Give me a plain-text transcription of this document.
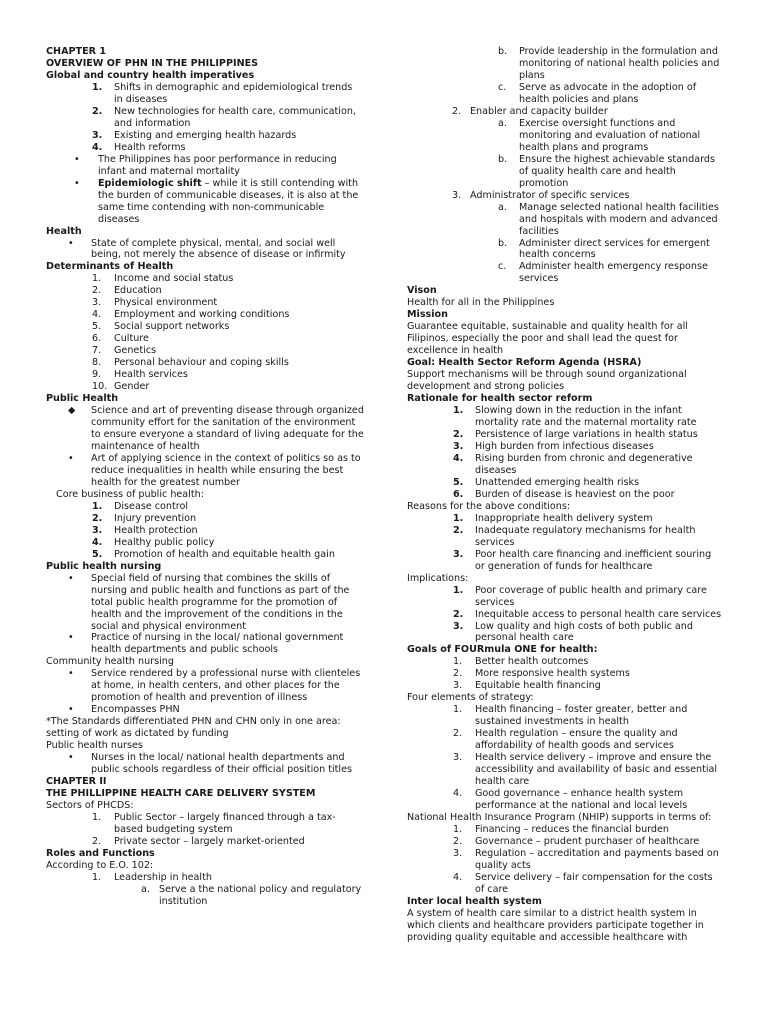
CHAPTER 1
OVERVIEW OF PHN IN THE PHILIPPINES
Global and country health imperatives
1. Shifts in demographic and epidemiological trends in diseases
2. New technologies for health care, communication, and information
3. Existing and emerging health hazards
4. Health reforms
• The Philippines has poor performance in reducing infant and maternal mortality
• Epidemiologic shift – while it is still contending with the burden of communicable diseases, it is also at the same time contending with non-communicable diseases
Health
• State of complete physical, mental, and social well being, not merely the absence of disease or infirmity
Determinants of Health
1. Income and social status
2. Education
3. Physical environment
4. Employment and working conditions
5. Social support networks
6. Culture
7. Genetics
8. Personal behaviour and coping skills
9. Health services
10. Gender
Public Health
◆ Science and art of preventing disease through organized community effort for the sanitation of the environment to ensure everyone a standard of living adequate for the maintenance of health
• Art of applying science in the context of politics so as to reduce inequalities in health while ensuring the best health for the greatest number
Core business of public health:
1. Disease control
2. Injury prevention
3. Health protection
4. Healthy public policy
5. Promotion of health and equitable health gain
Public health nursing
• Special field of nursing that combines the skills of nursing and public health and functions as part of the total public health programme for the promotion of health and the improvement of the conditions in the social and physical environment
• Practice of nursing in the local/ national government health departments and public schools
Community health nursing
• Service rendered by a professional nurse with clienteles at home, in health centers, and other places for the promotion of health and prevention of illness
• Encompasses PHN
*The Standards differentiated PHN and CHN only in one area: setting of work as dictated by funding
Public health nurses
• Nurses in the local/ national health departments and public schools regardless of their official position titles
CHAPTER II
THE PHILLIPPINE HEALTH CARE DELIVERY SYSTEM
Sectors of PHCDS:
1. Public Sector – largely financed through a tax-based budgeting system
2. Private sector – largely market-oriented
Roles and Functions
According to E.O. 102:
1. Leadership in health
a. Serve a the national policy and regulatory institution
b. Provide leadership in the formulation and monitoring of national health policies and plans
c. Serve as advocate in the adoption of health policies and plans
2. Enabler and capacity builder
a. Exercise oversight functions and monitoring and evaluation of national health plans and programs
b. Ensure the highest achievable standards of quality health care and health promotion
3. Administrator of specific services
a. Manage selected national health facilities and hospitals with modern and advanced facilities
b. Administer direct services for emergent health concerns
c. Administer health emergency response services
Vison
Health for all in the Philippines
Mission
Guarantee equitable, sustainable and quality health for all Filipinos, especially the poor and shall lead the quest for excellence in health
Goal: Health Sector Reform Agenda (HSRA)
Support mechanisms will be through sound organizational development and strong policies
Rationale for health sector reform
1. Slowing down in the reduction in the infant mortality rate and the maternal mortality rate
2. Persistence of large variations in health status
3. High burden from infectious diseases
4. Rising burden from chronic and degenerative diseases
5. Unattended emerging health risks
6. Burden of disease is heaviest on the poor
Reasons for the above conditions:
1. Inappropriate health delivery system
2. Inadequate regulatory mechanisms for health services
3. Poor health care financing and inefficient souring or generation of funds for healthcare
Implications:
1. Poor coverage of public health and primary care services
2. Inequitable access to personal health care services
3. Low quality and high costs of both public and personal health care
Goals of FOURmula ONE for health:
1. Better health outcomes
2. More responsive health systems
3. Equitable health financing
Four elements of strategy:
1. Health financing – foster greater, better and sustained investments in health
2. Health regulation – ensure the quality and affordability of health goods and services
3. Health service delivery – improve and ensure the accessibility and availability of basic and essential health care
4. Good governance – enhance health system performance at the national and local levels
National Health Insurance Program (NHIP) supports in terms of:
1. Financing – reduces the financial burden
2. Governance – prudent purchaser of healthcare
3. Regulation – accreditation and payments based on quality acts
4. Service delivery – fair compensation for the costs of care
Inter local health system
A system of health care similar to a district health system in which clients and healthcare providers participate together in providing quality equitable and accessible healthcare with
